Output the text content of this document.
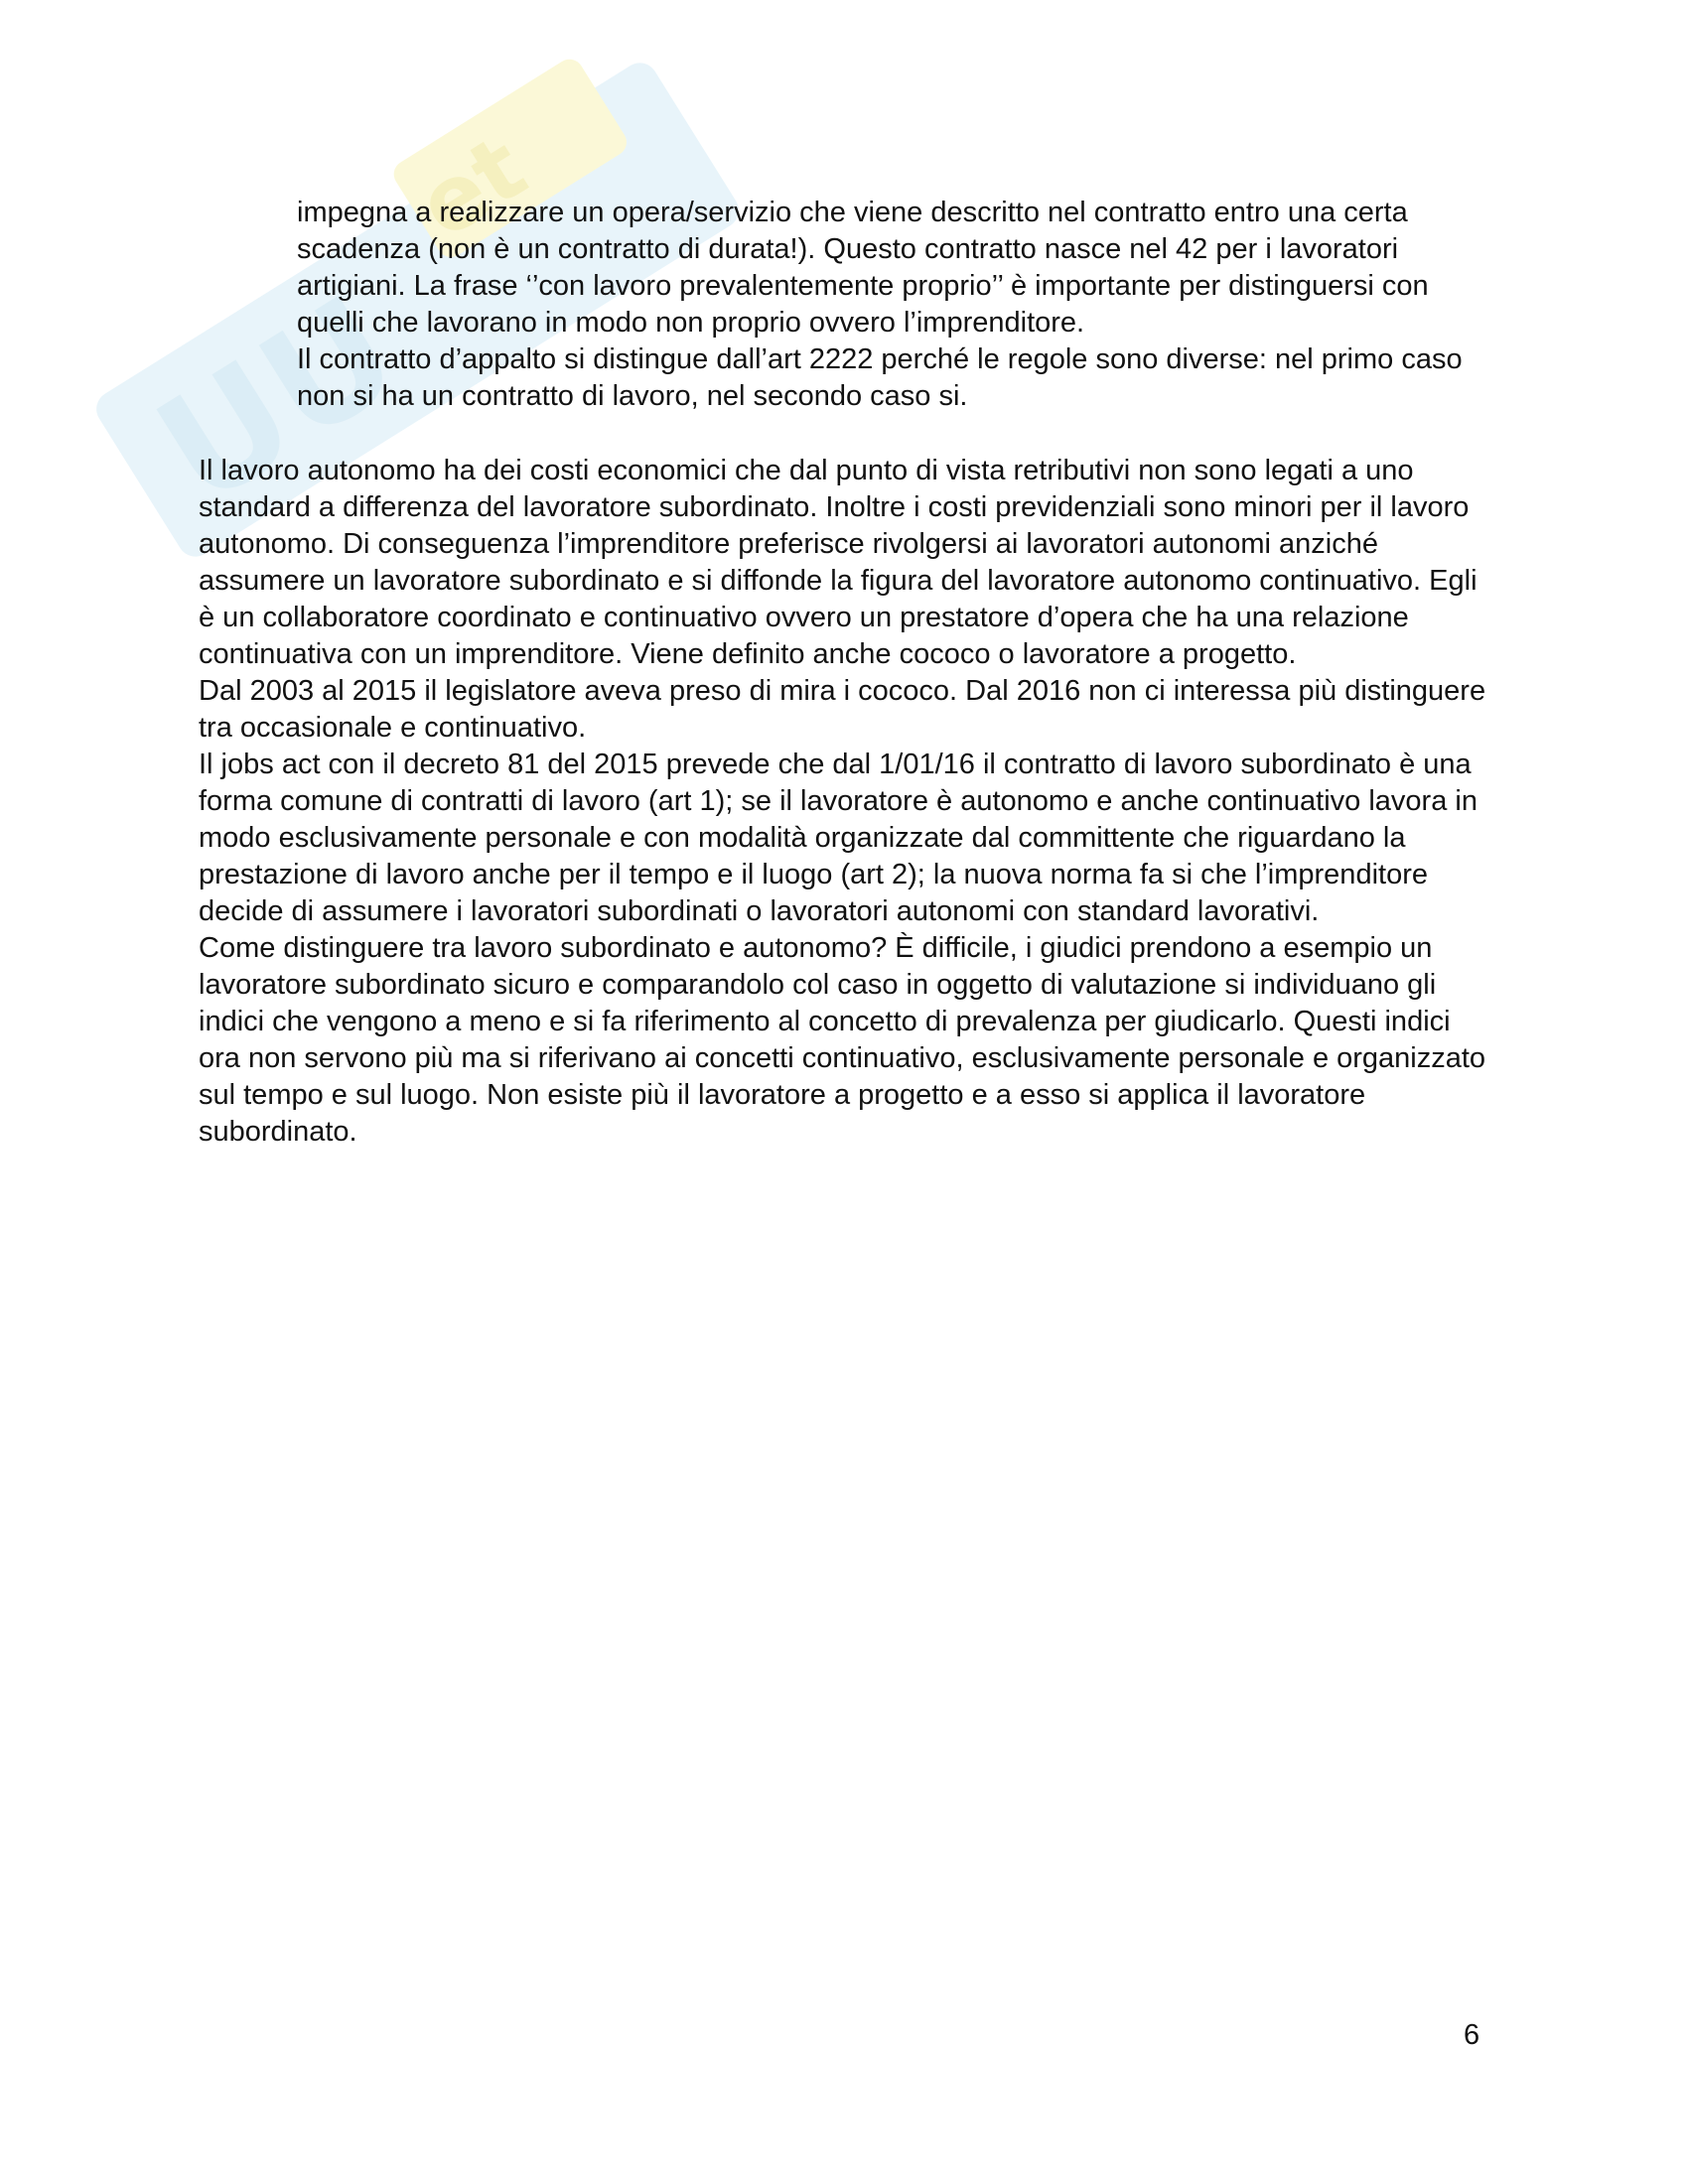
UU
et

impegna a realizzare un opera/servizio che viene descritto nel contratto entro una certa scadenza (non è un contratto di durata!). Questo contratto nasce nel 42 per i lavoratori artigiani. La frase ‘’con lavoro prevalentemente proprio’’ è importante per distinguersi con quelli che lavorano in modo non proprio ovvero l’imprenditore.

Il contratto d’appalto si distingue dall’art 2222 perché le regole sono diverse: nel primo caso non si ha un contratto di lavoro, nel secondo caso si.

Il lavoro autonomo ha dei costi economici che dal punto di vista retributivi non sono legati a uno standard a differenza del lavoratore subordinato. Inoltre i costi previdenziali sono minori per il lavoro autonomo. Di conseguenza l’imprenditore preferisce rivolgersi ai lavoratori autonomi anziché assumere un lavoratore subordinato e si diffonde la figura del lavoratore autonomo continuativo. Egli è un collaboratore coordinato e continuativo ovvero un prestatore d’opera che ha una relazione continuativa con un imprenditore. Viene definito anche cococo o lavoratore a progetto.

Dal 2003 al 2015 il legislatore aveva preso di mira i cococo. Dal 2016 non ci interessa più distinguere tra occasionale e continuativo.

Il jobs act con il decreto 81 del 2015 prevede che dal 1/01/16 il contratto di lavoro subordinato è una forma comune di contratti di lavoro (art 1); se il lavoratore è autonomo e anche continuativo lavora in modo esclusivamente personale e con modalità organizzate dal committente che riguardano la prestazione di lavoro anche per il tempo e il luogo (art 2); la nuova norma fa si che l’imprenditore decide di assumere i lavoratori subordinati o lavoratori autonomi con standard lavorativi.

Come distinguere tra lavoro subordinato e autonomo? È difficile, i giudici prendono a esempio un lavoratore subordinato sicuro e comparandolo col caso in oggetto di valutazione si individuano gli indici che vengono a meno e si fa riferimento al concetto di prevalenza per giudicarlo. Questi indici ora non servono più ma si riferivano ai concetti continuativo, esclusivamente personale e organizzato sul tempo e sul luogo. Non esiste più il lavoratore a progetto e a esso si applica il lavoratore subordinato.

6
